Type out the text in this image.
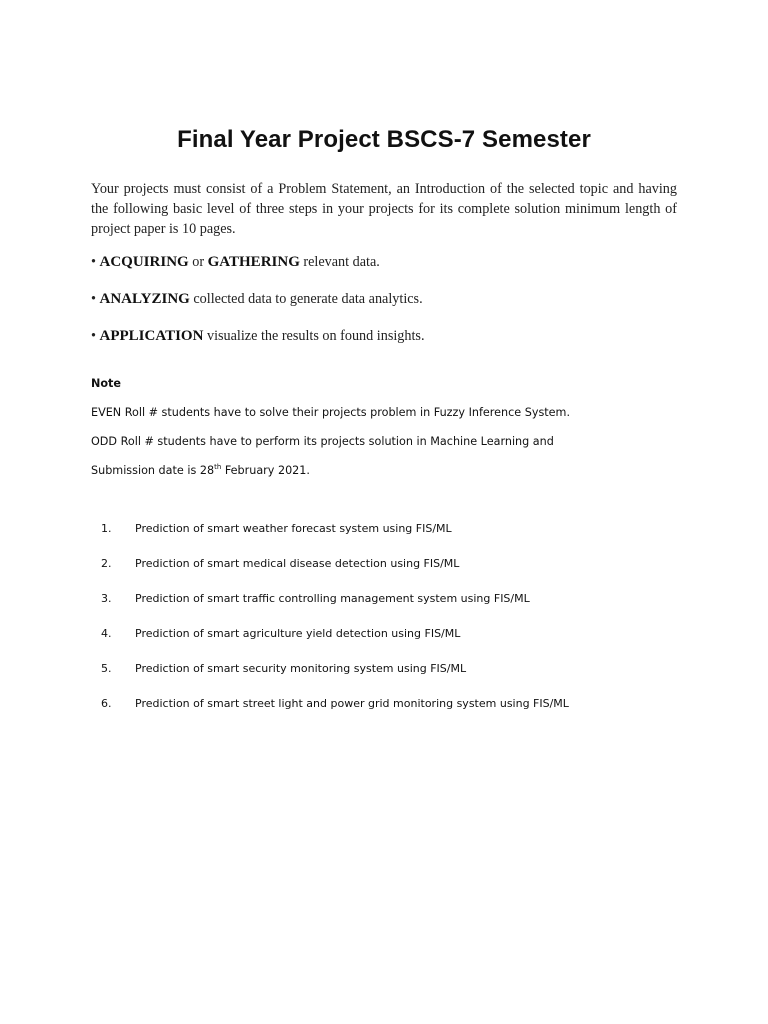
Final Year Project BSCS-7 Semester
Your projects must consist of a Problem Statement, an Introduction of the selected topic and having the following basic level of three steps in your projects for its complete solution minimum length of project paper is 10 pages.
• ACQUIRING or GATHERING relevant data.
• ANALYZING collected data to generate data analytics.
• APPLICATION visualize the results on found insights.
Note
EVEN Roll # students have to solve their projects problem in Fuzzy Inference System.
ODD Roll # students have to perform its projects solution in Machine Learning and
Submission date is 28th February 2021.
1. Prediction of smart weather forecast system using FIS/ML
2. Prediction of smart medical disease detection using FIS/ML
3. Prediction of smart traffic controlling management system using FIS/ML
4. Prediction of smart agriculture yield detection using FIS/ML
5. Prediction of smart security monitoring system using FIS/ML
6. Prediction of smart street light and power grid monitoring system using FIS/ML
